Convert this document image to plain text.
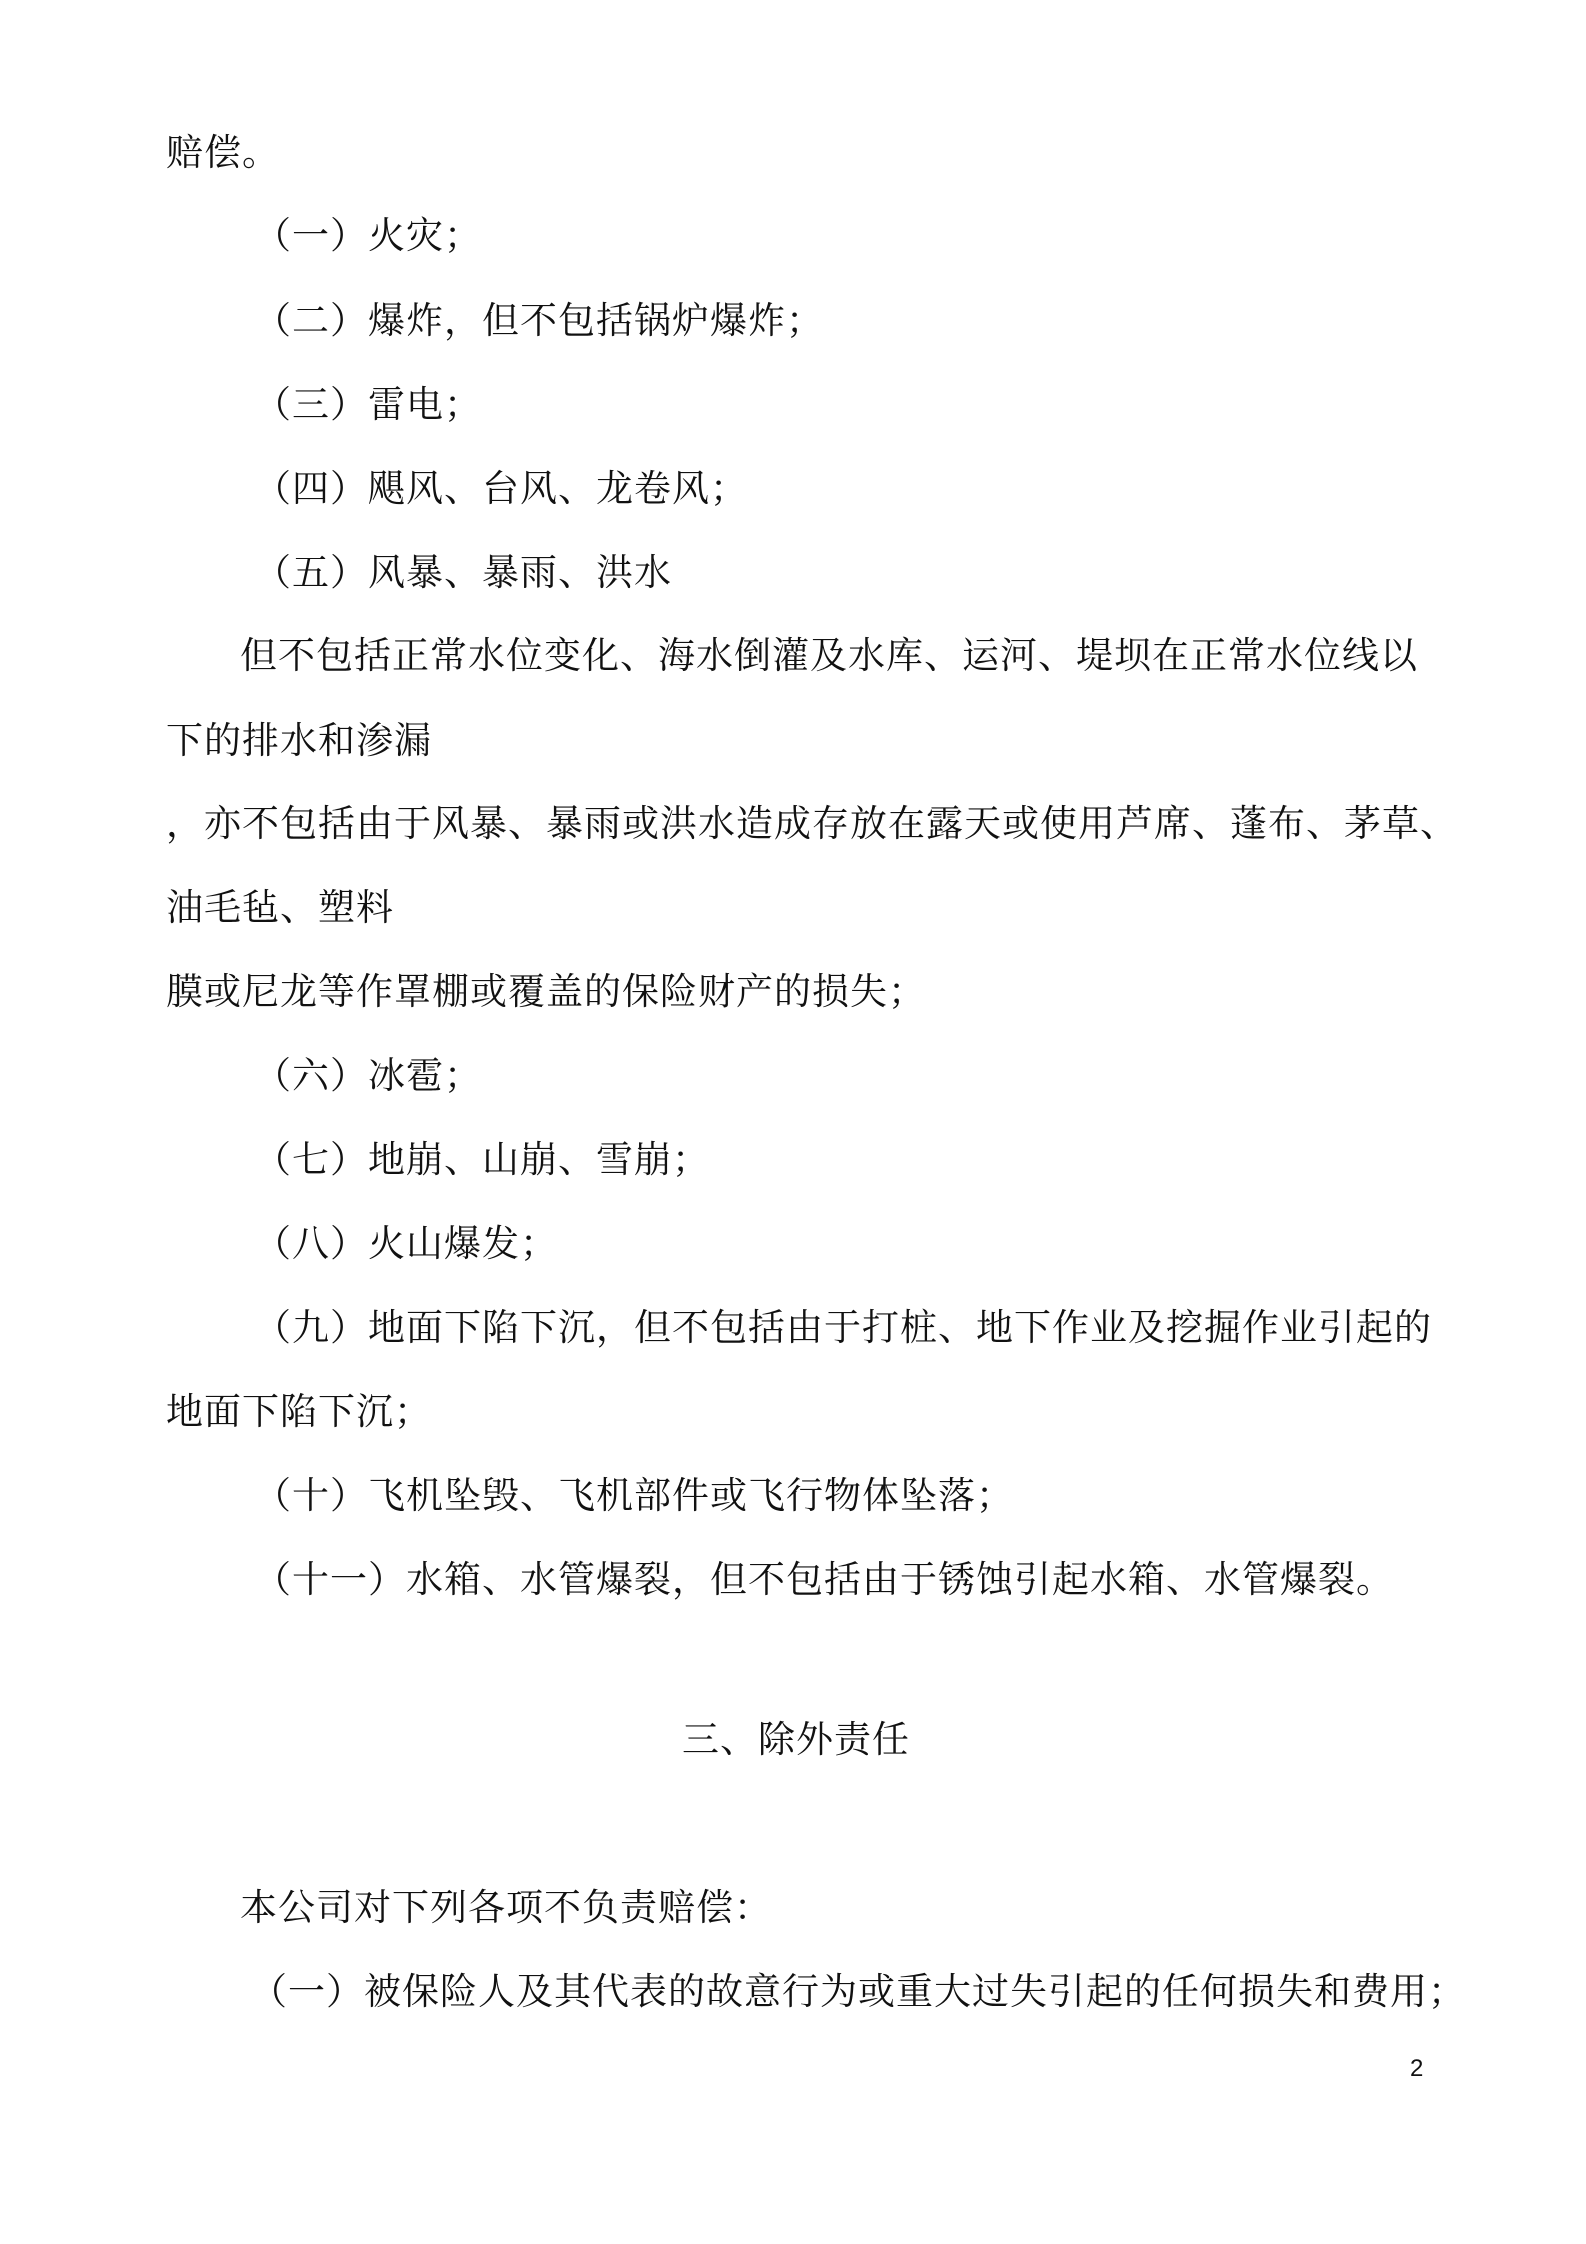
赔偿。
（一）火灾；
（二）爆炸，但不包括锅炉爆炸；
（三）雷电；
（四）飓风、台风、龙卷风；
（五）风暴、暴雨、洪水
但不包括正常水位变化、海水倒灌及水库、运河、堤坝在正常水位线以
下的排水和渗漏
，亦不包括由于风暴、暴雨或洪水造成存放在露天或使用芦席、蓬布、茅草、
油毛毡、塑料
膜或尼龙等作罩棚或覆盖的保险财产的损失；
（六）冰雹；
（七）地崩、山崩、雪崩；
（八）火山爆发；
（九）地面下陷下沉，但不包括由于打桩、地下作业及挖掘作业引起的
地面下陷下沉；
（十）飞机坠毁、飞机部件或飞行物体坠落；
（十一）水箱、水管爆裂，但不包括由于锈蚀引起水箱、水管爆裂。
三、除外责任
本公司对下列各项不负责赔偿：
（一）被保险人及其代表的故意行为或重大过失引起的任何损失和费用；
2
